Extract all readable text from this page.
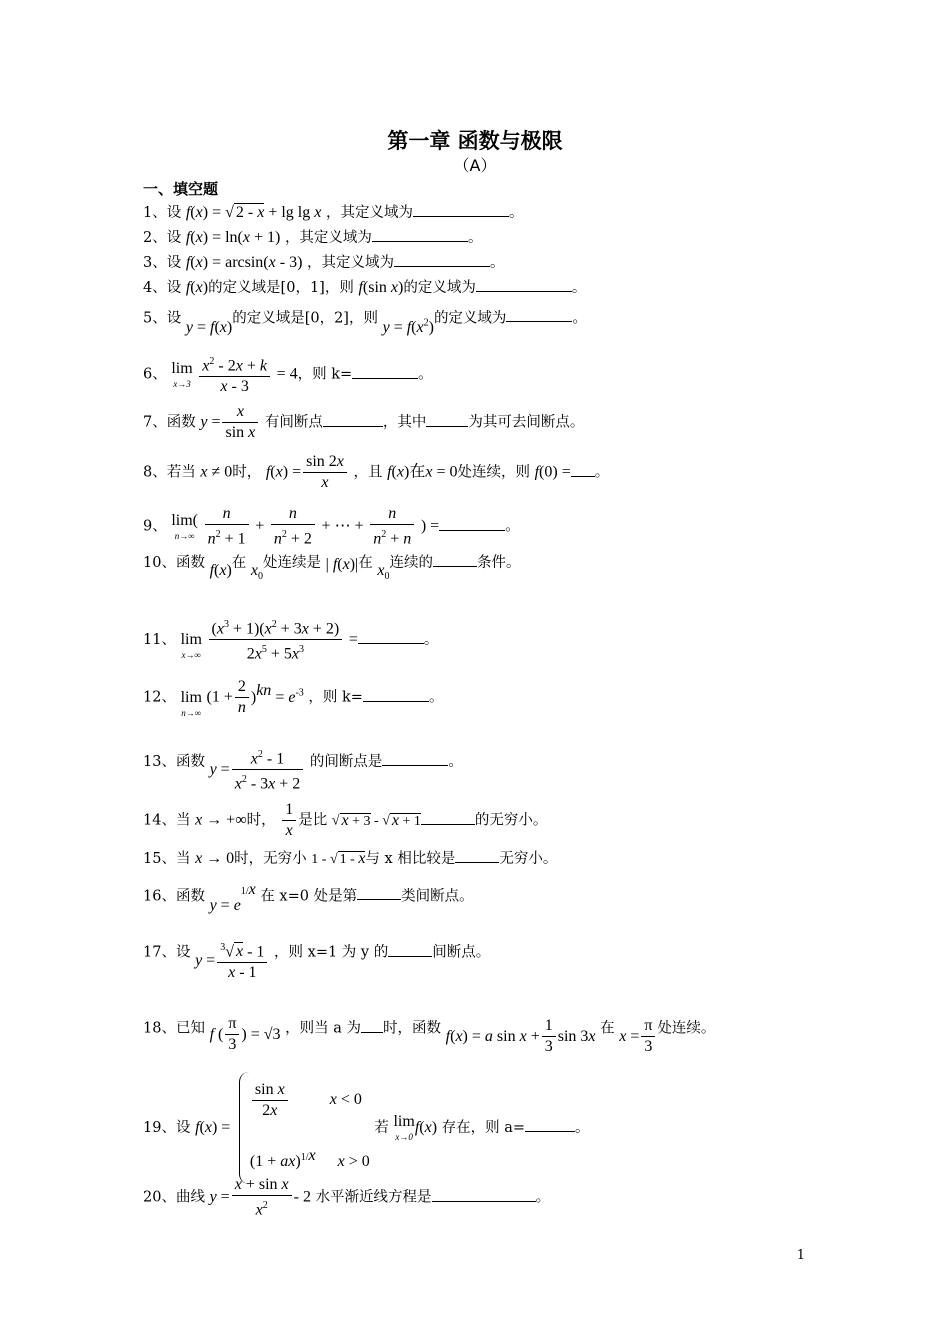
第一章 函数与极限
（A）
一、填空题
1、设 f(x) = √ 2 - x + lg lg x ，其定义域为	。
2、设 f(x) = ln(x + 1) ，其定义域为	。
3、设 f(x) = arcsin(x - 3) ，其定义域为	。
4、设 f(x)的定义域是[0，1]，则 f(sin x)的定义域为	。
5、设 y = f(x)的定义域是[0，2]，则 $y = f(x^2)$的定义域为	。
6、 lim
x→3
$\frac{x^2 - 2x + k}{x - 3} = 4$，则 k=	。
7、函数 $y = \frac{x}{\text{sin x}}$ 有间断点	，其中	为其可去间断点。
8、若当 x ≠ 0时， $f(x) = \frac{\sin 2x}{x}$ ，且 f(x)在x = 0处连续，则 f(0) = 。
9、 lim(
n→∞
$\frac{n}{n^2 + 1} + \frac{n}{n^2 + 2}$ + ⋯ + $\frac{n}{n^2 + n}$ ) =	。
10、函数 f(x)在 $x_0$处连续是 | f(x)|在 $x_0$连续的	条件。
11、 lim
x→∞
$\frac{(x^3 + 1)(x^2 + 3x + 2)}{2x^5 + 5x^3}$ =	。
12、 lim
n→∞
$(1 + \frac{2}{n} )^{kn} = e^{-3}$ ，则 k=	。
13、函数 $y = \frac{x^2 - 1}{x^2 - 3x + 2}$ 的间断点是	。
14、当 x → +∞时， $\frac{1}{x}$ 是比 √ x + 3 - √ x + 1	的无穷小。
15、当 x → 0时，无穷小 1 - √ 1 - x与 x 相比较是	无穷小。
16、函数 $y = e^{1/x}$ 在 x=0 处是第	类间断点。
17、设 $y = \frac{^3√ x - 1}{x - 1}$ ，则 x=1 为 y 的	间断点。
18、已知 f ( $\frac{\pi}{3}$ ) = √3 ，则当 a 为 时，函数 f(x) = a $\sin x + \frac{1}{3}$ sin 3x 在 $x = \frac{\pi}{3}$ 处连续。
19、设 f(x) =
$\frac{\text{sin x}}{2x}$	x < 0
(1 + ax)$^{1/x}$ x > 0
若 lim
x→0
f(x) 存在，则 a=	。
20、曲线 $y = \frac{\text{x + sin x}}{x^2} - 2$ 水平渐近线方程是	。
1
